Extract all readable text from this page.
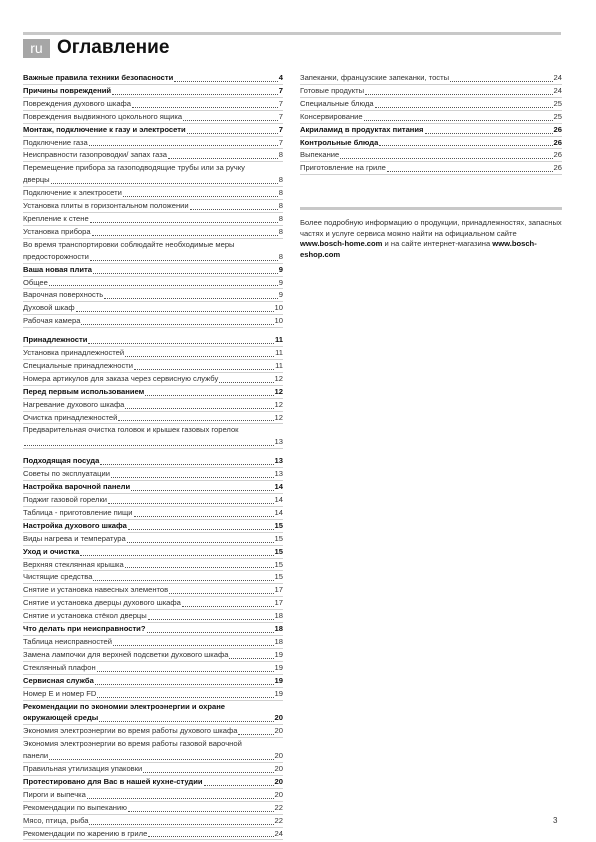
ru Оглавление
Важные правила техники безопасности	4
Причины повреждений	7
Повреждения духового шкафа	7
Повреждения выдвижного цокольного ящика	7
Монтаж, подключение к газу и электросети	7
Подключение газа	7
Неисправности газопроводки/ запах газа	8
Перемещение прибора за газоподводящие трубы или за ручку
дверцы	8
Подключение к электросети	8
Установка плиты в горизонтальном положении	8
Крепление к стене	8
Установка прибора	8
Во время транспортировки соблюдайте необходимые меры
предосторожности	8
Ваша новая плита	9
Общее	9
Варочная поверхность	9
Духовой шкаф	10
Рабочая камера	10
Принадлежности	11
Установка принадлежностей	11
Специальные принадлежности	11
Номера артикулов для заказа через сервисную службу	12
Перед первым использованием	12
Нагревание духового шкафа	12
Очистка принадлежностей	12
Предварительная очистка головок и крышек газовых горелок
13
Подходящая посуда	13
Советы по эксплуатации	13
Настройка варочной панели	14
Поджиг газовой горелки	14
Таблица - приготовление пищи	14
Настройка духового шкафа	15
Виды нагрева и температура	15
Уход и очистка	15
Верхняя стеклянная крышка	15
Чистящие средства	15
Снятие и установка навесных элементов	17
Снятие и установка дверцы духового шкафа	17
Снятие и установка стёкол дверцы	18
Что делать при неисправности?	18
Таблица неисправностей	18
Замена лампочки для верхней подсветки духового шкафа	19
Стеклянный плафон	19
Сервисная служба	19
Номер E и номер FD	19
Рекомендации по экономии электроэнергии и охране
окружающей среды	20
Экономия электроэнергии во время работы духового шкафа	20
Экономия электроэнергии во время работы газовой варочной
панели	20
Правильная утилизация упаковки	20
Протестировано для Вас в нашей кухне-студии	20
Пироги и выпечка	20
Рекомендации по выпеканию	22
Мясо, птица, рыба	22
Рекомендации по жарению в гриле	24
Запеканки, французские запеканки, тосты	24
Готовые продукты	24
Специальные блюда	25
Консервирование	25
Акриламид в продуктах питания	26
Контрольные блюда	26
Выпекание	26
Приготовление на гриле	26
Более подробную информацию о продукции, принадлежностях, запасных частях и услуге сервиса можно найти на официальном сайте www.bosch-home.com и на сайте интернет-магазина www.bosch-eshop.com
3
